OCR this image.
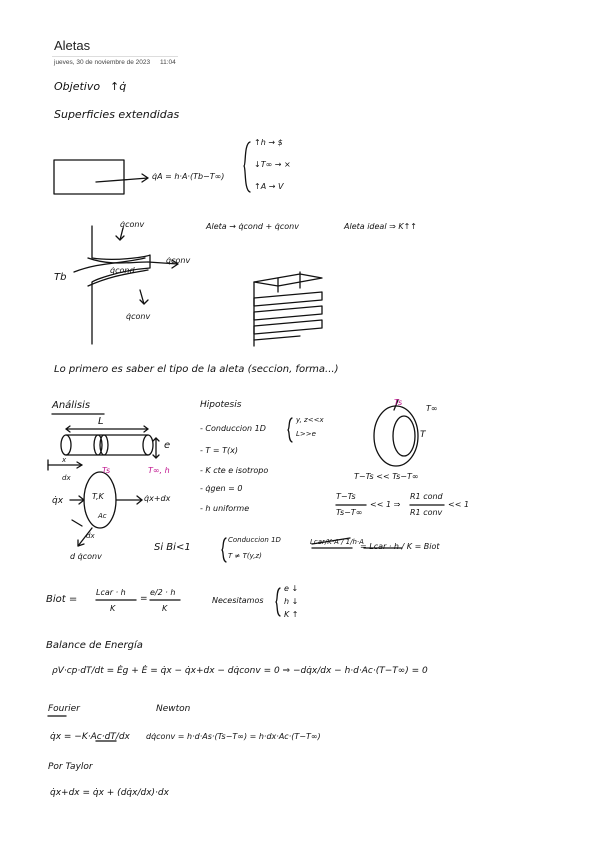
Aletas
jueves, 30 de noviembre de 2023 11:04
Objetivo ↑q̇
Superficies extendidas
q̇A = h·A·(Tb−T∞)
↑h → $
↓T∞ → ×
↑A → V
q̇conv
q̇conv
q̇cond
q̇conv
Tb
Aleta → q̇cond + q̇conv	Aleta ideal ⇒ K↑↑
Lo primero es saber el tipo de la aleta (seccion, forma...)
Análisis	Hipotesis
- Conduccion 1D
y, z<<x
L>>e
- T = T(x)
- K cte e isotropo
- q̇gen = 0
- h uniforme
L
e
x
dx
Ts	T∞, h
q̇x	T,K
Ac
q̇x+dx
dx
d q̇conv
Ts
T∞
T
T−Ts << Ts−T∞
T−Ts
Ts−T∞
<< 1 ⇒
R1 cond
R1 conv
<< 1
Si Bi<1
Conduccion 1D
T ≠ T(y,z)
Lcar/K·A / 1/h·A
= Lcar · h / K = Biot
Biot =
Lcar · h
K
=
e/2 · h
K
Necesitamos
e ↓
h ↓
K ↑
Balance de Energía
ρV·cp·dT/dt = Ėg + Ė = q̇x − q̇x+dx − dq̇conv = 0 ⇒ −dq̇x/dx − h·d·Ac·(T−T∞) = 0
Fourier	Newton
q̇x = −K·Ac·dT/dx dq̇conv = h·d·As·(Ts−T∞) = h·dx·Ac·(T−T∞)
Por Taylor
q̇x+dx = q̇x + (dq̇x/dx)·dx
